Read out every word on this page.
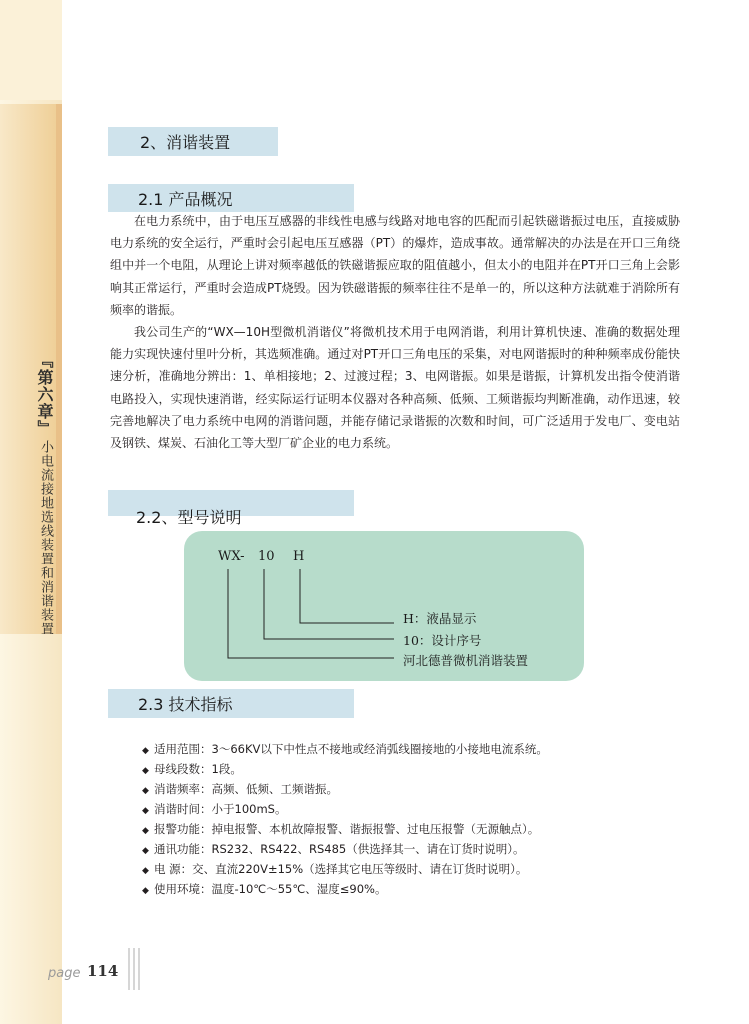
『第六章』
小电流接地选线装置和消谐装置
2、消谐装置
2.1 产品概况

在电力系统中，由于电压互感器的非线性电感与线路对地电容的匹配而引起铁磁谐振过电压，直接威胁电力系统的安全运行，严重时会引起电压互感器（PT）的爆炸，造成事故。通常解决的办法是在开口三角绕组中并一个电阻，从理论上讲对频率越低的铁磁谐振应取的阻值越小，但太小的电阻并在PT开口三角上会影响其正常运行，严重时会造成PT烧毁。因为铁磁谐振的频率往往不是单一的，所以这种方法就难于消除所有频率的谐振。

我公司生产的“WX—10H型微机消谐仪”将微机技术用于电网消谐，利用计算机快速、准确的数据处理能力实现快速付里叶分析，其选频准确。通过对PT开口三角电压的采集，对电网谐振时的种种频率成份能快速分析，准确地分辨出：1、单相接地；2、过渡过程；3、电网谐振。如果是谐振，计算机发出指令使消谐电路投入，实现快速消谐，经实际运行证明本仪器对各种高频、低频、工频谐振均判断准确，动作迅速，较完善地解决了电力系统中电网的消谐问题，并能存储记录谐振的次数和时间，可广泛适用于发电厂、变电站及钢铁、煤炭、石油化工等大型厂矿企业的电力系统。

2.2、型号说明
WX- 10 H
H：液晶显示
10：设计序号
河北德普微机消谐装置
2.3 技术指标
◆ 适用范围：3～66KV以下中性点不接地或经消弧线圈接地的小接地电流系统。
◆ 母线段数：1段。
◆ 消谐频率：高频、低频、工频谐振。
◆ 消谐时间：小于100mS。
◆ 报警功能：掉电报警、本机故障报警、谐振报警、过电压报警（无源触点）。
◆ 通讯功能：RS232、RS422、RS485（供选择其一、请在订货时说明）。
◆ 电 源：交、直流220V±15%（选择其它电压等级时、请在订货时说明）。
◆ 使用环境：温度-10℃～55℃、湿度≤90%。
page 114
